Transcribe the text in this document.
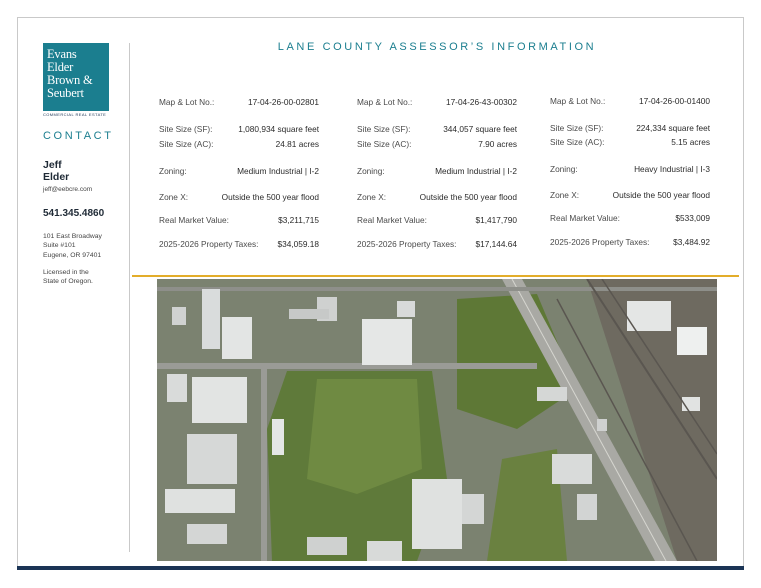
Evans
Elder
Brown &
Seubert
COMMERCIAL REAL ESTATE
CONTACT
Jeff
Elder
jeff@eebcre.com
541.345.4860
101 East Broadway
Suite #101
Eugene, OR 97401
Licensed in the
State of Oregon.
LANE COUNTY ASSESSOR’S INFORMATION
Map & Lot No.:	17-04-26-00-02801
Site Size (SF):	1,080,934 square feet
Site Size (AC):	24.81 acres
Zoning:	Medium Industrial | I-2
Zone X:	Outside the 500 year flood
Real Market Value:	$3,211,715
2025-2026 Property Taxes: $34,059.18
Map & Lot No.:	17-04-26-43-00302
Site Size (SF):	344,057 square feet
Site Size (AC):	7.90 acres
Zoning:	Medium Industrial | I-2
Zone X:	Outside the 500 year flood
Real Market Value:	$1,417,790
2025-2026 Property Taxes: $17,144.64
Map & Lot No.:	17-04-26-00-01400
Site Size (SF):	224,334 square feet
Site Size (AC):	5.15 acres
Zoning:	Heavy Industrial | I-3
Zone X:	Outside the 500 year flood
Real Market Value:	$533,009
2025-2026 Property Taxes:	$3,484.92
